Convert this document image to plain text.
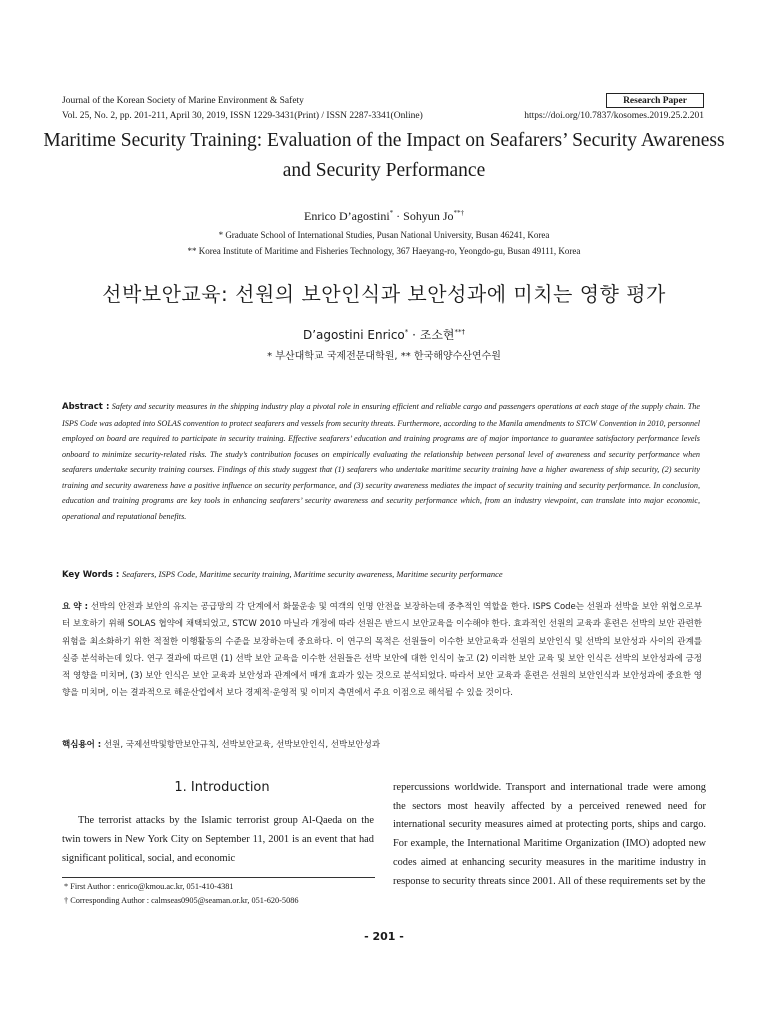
Journal of the Korean Society of Marine Environment & Safety	Research Paper
Vol. 25, No. 2, pp. 201-211, April 30, 2019, ISSN 1229-3431(Print) / ISSN 2287-3341(Online)	https://doi.org/10.7837/kosomes.2019.25.2.201
Maritime Security Training: Evaluation of the Impact on Seafarers’ Security Awareness and Security Performance
Enrico D’agostini* · Sohyun Jo**†
* Graduate School of International Studies, Pusan National University, Busan 46241, Korea
** Korea Institute of Maritime and Fisheries Technology, 367 Haeyang-ro, Yeongdo-gu, Busan 49111, Korea
선박보안교육: 선원의 보안인식과 보안성과에 미치는 영향 평가
D’agostini Enrico* · 조소현**†
* 부산대학교 국제전문대학원, ** 한국해양수산연수원

Abstract : Safety and security measures in the shipping industry play a pivotal role in ensuring efficient and reliable cargo and passengers operations at each stage of the supply chain. The ISPS Code was adopted into SOLAS convention to protect seafarers and vessels from security threats. Furthermore, according to the Manila amendments to STCW Convention in 2010, personnel employed on board are required to participate in security training. Effective seafarers’ education and training programs are of major importance to guarantee satisfactory performance levels onboard to minimize security-related risks. The study’s contribution focuses on empirically evaluating the relationship between personal level of awareness and security performance when seafarers undertake security training courses. Findings of this study suggest that (1) seafarers who undertake maritime security training have a higher awareness of ship security, (2) security training and security awareness have a positive influence on security performance, and (3) security awareness mediates the impact of security training and security performance. In conclusion, education and training programs are key tools in enhancing seafarers’ security awareness and security performance which, from an industry viewpoint, can translate into major economic, operational and reputational benefits.

Key Words : Seafarers, ISPS Code, Maritime security training, Maritime security awareness, Maritime security performance

요 약 : 선박의 안전과 보안의 유지는 공급망의 각 단계에서 화물운송 및 여객의 인명 안전을 보장하는데 중추적인 역할을 한다. ISPS Code는 선원과 선박을 보안 위협으로부터 보호하기 위해 SOLAS 협약에 채택되었고, STCW 2010 마닐라 개정에 따라 선원은 반드시 보안교육을 이수해야 한다. 효과적인 선원의 교육과 훈련은 선박의 보안 관련한 위험을 최소화하기 위한 적절한 이행활동의 수준을 보장하는데 중요하다. 이 연구의 목적은 선원들이 이수한 보안교육과 선원의 보안인식 및 선박의 보안성과 사이의 관계를 실증 분석하는데 있다. 연구 결과에 따르면 (1) 선박 보안 교육을 이수한 선원들은 선박 보안에 대한 인식이 높고 (2) 이러한 보안 교육 및 보안 인식은 선박의 보안성과에 긍정적 영향을 미치며, (3) 보안 인식은 보안 교육과 보안성과 관계에서 매개 효과가 있는 것으로 분석되었다. 따라서 보안 교육과 훈련은 선원의 보안인식과 보안성과에 중요한 영향을 미치며, 이는 결과적으로 해운산업에서 보다 경제적·운영적 및 이미지 측면에서 주요 이점으로 해석될 수 있을 것이다.

핵심용어 : 선원, 국제선박및항만보안규칙, 선박보안교육, 선박보안인식, 선박보안성과
1. Introduction

The terrorist attacks by the Islamic terrorist group Al-Qaeda on the twin towers in New York City on September 11, 2001 is an event that had significant political, social, and economic

repercussions worldwide. Transport and international trade were among the sectors most heavily affected by a perceived renewed need for international security measures aimed at protecting ports, ships and cargo. For example, the International Maritime Organization (IMO) adopted new codes aimed at enhancing security measures in the maritime industry in response to security threats since 2001. All of these requirements set by the

* First Author : enrico@kmou.ac.kr, 051-410-4381
† Corresponding Author : calmseas0905@seaman.or.kr, 051-620-5086
- 201 -
